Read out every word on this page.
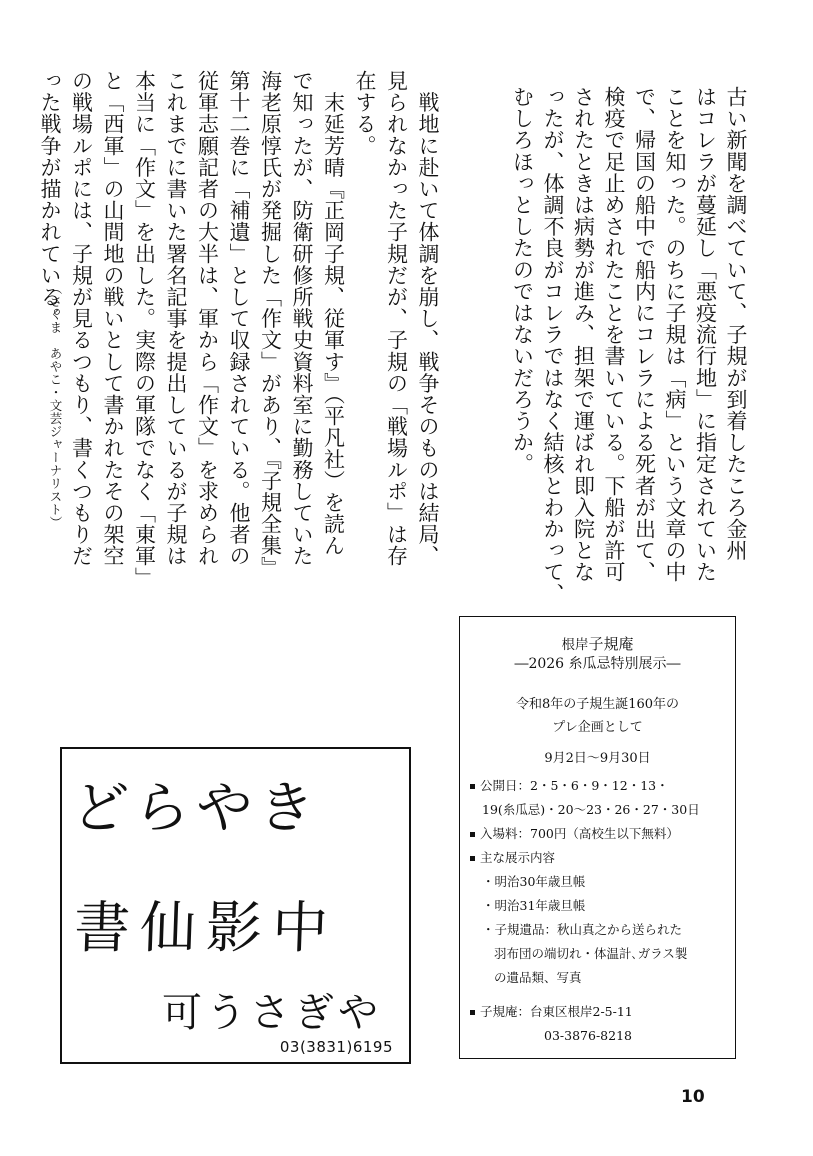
古い新聞を調べていて、子規が到着したころ金州
はコレラが蔓延し「悪疫流行地」に指定されていた
ことを知った。のちに子規は「病」という文章の中
で、帰国の船中で船内にコレラによる死者が出て、
検疫で足止めされたことを書いている。下船が許可
されたときは病勢が進み、担架で運ばれ即入院とな
ったが、体調不良がコレラではなく結核とわかって、
むしろほっとしたのではないだろうか。
　戦地に赴いて体調を崩し、戦争そのものは結局、
見られなかった子規だが、子規の「戦場ルポ」は存
在する。
　末延芳晴『正岡子規、従軍す』（平凡社）を読ん
で知ったが、防衛研修所戦史資料室に勤務していた
海老原惇氏が発掘した「作文」があり、『子規全集』
第十二巻に「補遺」として収録されている。他者の
従軍志願記者の大半は、軍から「作文」を求められ
これまでに書いた署名記事を提出しているが子規は
本当に「作文」を出した。実際の軍隊でなく「東軍」
と「西軍」の山間地の戦いとして書かれたその架空
の戦場ルポには、子規が見るつもり、書くつもりだ
った戦争が描かれている。
（さくま　あやこ・文芸ジャーナリスト）
どらやき
書仙影中
可うさぎや
03(3831)6195
根岸子規庵
―2026 糸瓜忌特別展示―
令和8年の子規生誕160年の
プレ企画として
9月2日～9月30日
公開日：2・5・6・9・12・13・
19(糸瓜忌)・20～23・26・27・30日
入場料：700円（高校生以下無料）
主な展示内容
・明治30年歳旦帳
・明治31年歳旦帳
・子規遺品：秋山真之から送られた
羽布団の端切れ・体温計､ガラス製
の遺品類、写真
子規庵：台東区根岸2-5-11
03-3876-8218
10
